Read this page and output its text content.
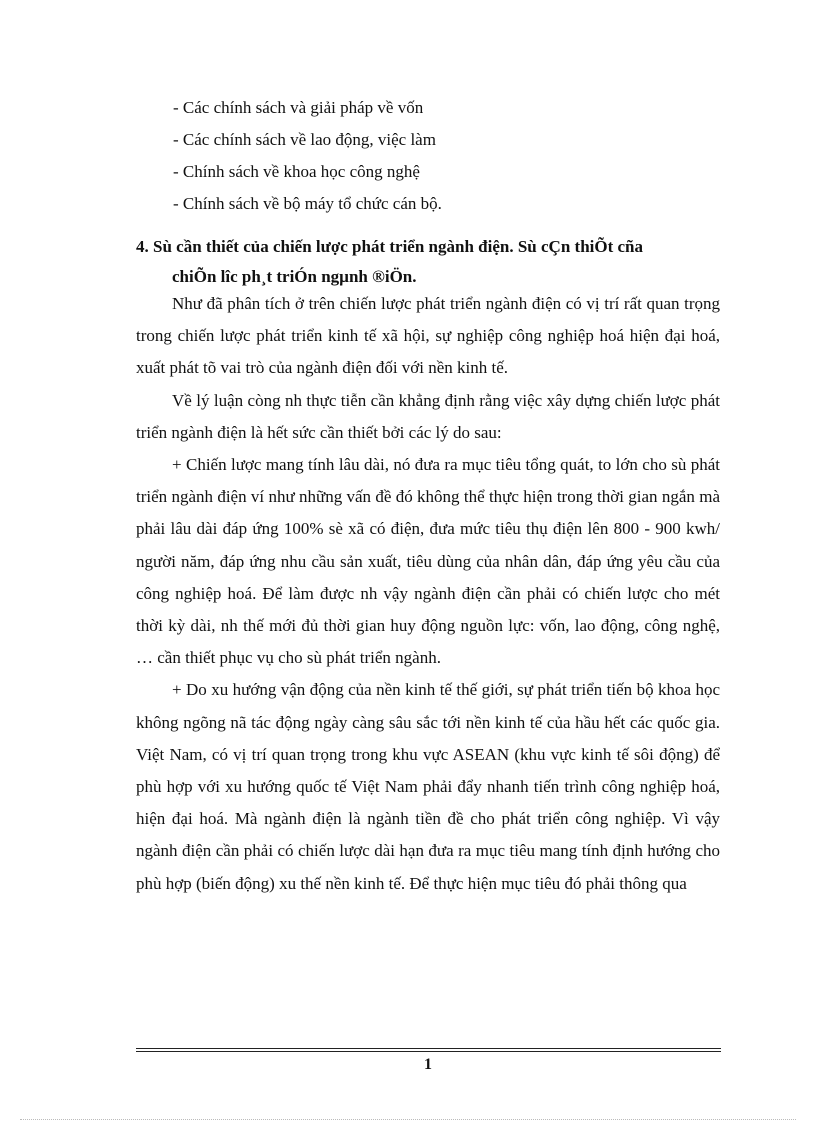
- Các chính sách và giải pháp về vốn
- Các chính sách về lao động, việc làm
- Chính sách về khoa học công nghệ
- Chính sách về bộ máy tổ chức cán bộ.
4. Sù cần thiết của chiến lược phát triển ngành điện. Sù cÇn thiÕt cña
chiÕn lîc ph¸t triÓn ngµnh ®iÖn.

Như đã phân tích ở trên chiến lược phát triển ngành điện có vị trí rất quan trọng trong chiến lược phát triển kinh tế xã hội, sự nghiệp công nghiệp hoá hiện đại hoá, xuất phát tõ vai trò của ngành điện đối với nền kinh tế.

Về lý luận còng nh thực tiễn cần khẳng định rằng việc xây dựng chiến lược phát triển ngành điện là hết sức cần thiết bởi các lý do sau:

+ Chiến lược mang tính lâu dài, nó đưa ra mục tiêu tổng quát, to lớn cho sù phát triển ngành điện ví như những vấn đề đó không thể thực hiện trong thời gian ngắn mà phải lâu dài đáp ứng 100% sè xã có điện, đưa mức tiêu thụ điện lên 800 - 900 kwh/ người năm, đáp ứng nhu cầu sản xuất, tiêu dùng của nhân dân, đáp ứng yêu cầu của công nghiệp hoá. Để làm được nh vậy ngành điện cần phải có chiến lược cho mét thời kỳ dài, nh thế mới đủ thời gian huy động nguồn lực: vốn, lao động, công nghệ, … cần thiết phục vụ cho sù phát triển ngành.

+ Do xu hướng vận động của nền kinh tế thế giới, sự phát triển tiến bộ khoa học không ngõng nã tác động ngày càng sâu sắc tới nền kinh tế của hầu hết các quốc gia. Việt Nam, có vị trí quan trọng trong khu vực ASEAN (khu vực kinh tế sôi động) để phù hợp với xu hướng quốc tế Việt Nam phải đẩy nhanh tiến trình công nghiệp hoá, hiện đại hoá. Mà ngành điện là ngành tiền đề cho phát triển công nghiệp. Vì vậy ngành điện cần phải có chiến lược dài hạn đưa ra mục tiêu mang tính định hướng cho phù hợp (biến động) xu thế nền kinh tế. Để thực hiện mục tiêu đó phải thông qua

1
